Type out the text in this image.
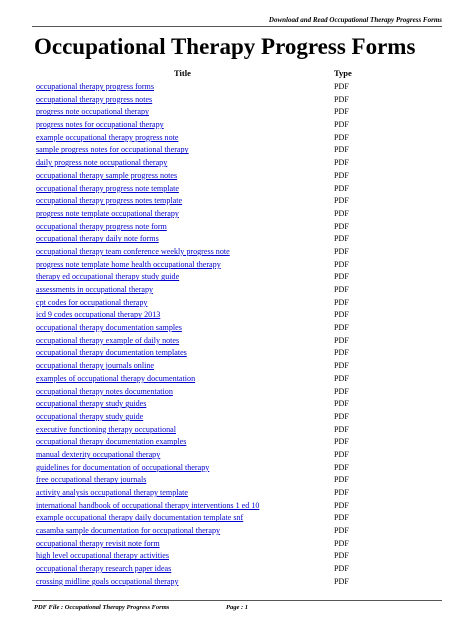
Download and Read Occupational Therapy Progress Forms
Occupational Therapy Progress Forms
Title	Type
occupational therapy progress forms	PDF
occupational therapy progress notes	PDF
progress note occupational therapy	PDF
progress notes for occupational therapy	PDF
example occupational therapy progress note	PDF
sample progress notes for occupational therapy	PDF
daily progress note occupational therapy	PDF
occupational therapy sample progress notes	PDF
occupational therapy progress note template	PDF
occupational therapy progress notes template	PDF
progress note template occupational therapy	PDF
occupational therapy progress note form	PDF
occupational therapy daily note forms	PDF
occupational therapy team conference weekly progress note	PDF
progress note template home health occupational therapy	PDF
therapy ed occupational therapy study guide	PDF
assessments in occupational therapy	PDF
cpt codes for occupational therapy	PDF
icd 9 codes occupational therapy 2013	PDF
occupational therapy documentation samples	PDF
occupational therapy example of daily notes	PDF
occupational therapy documentation templates	PDF
occupational therapy journals online	PDF
examples of occupational therapy documentation	PDF
occupational therapy notes documentation	PDF
occupational therapy study guides	PDF
occupational therapy study guide	PDF
executive functioning therapy occupational	PDF
occupational therapy documentation examples	PDF
manual dexterity occupational therapy	PDF
guidelines for documentation of occupational therapy	PDF
free occupational therapy journals	PDF
activity analysis occupational therapy template	PDF
international handbook of occupational therapy interventions 1 ed 10	PDF
example occupational therapy daily documentation template snf	PDF
casamba sample documentation for occupational therapy	PDF
occupational therapy revisit note form	PDF
high level occupational therapy activities	PDF
occupational therapy research paper ideas	PDF
crossing midline goals occupational therapy	PDF
PDF File : Occupational Therapy Progress Forms	Page : 1
